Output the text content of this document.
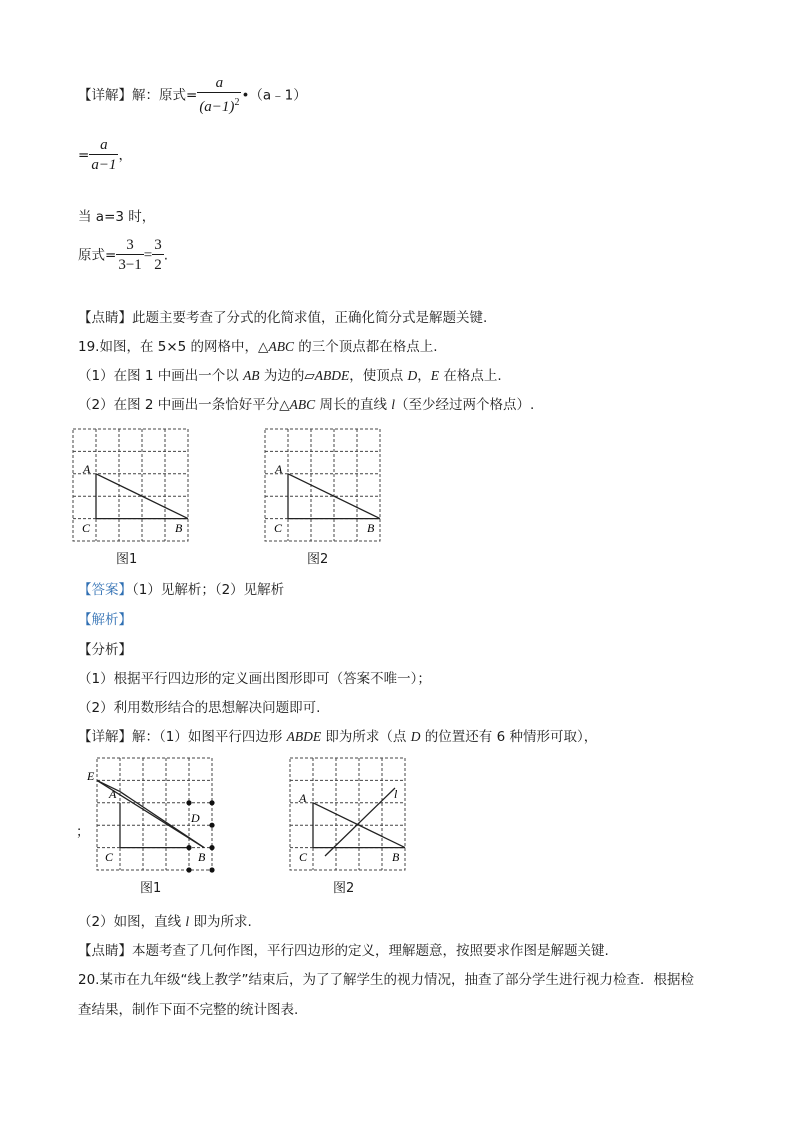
【详解】解：原式= $\frac{a}{(a-1)^2}$ •（a﹣1）
= $\frac{a}{a-1}$ ，
当 a=3 时，
原式= $\frac{3}{3-1} = \frac{3}{2}$ .
【点睛】此题主要考查了分式的化简求值，正确化简分式是解题关键.
19.如图，在 5×5 的网格中，△ABC 的三个顶点都在格点上.
（1）在图 1 中画出一个以 AB 为边的▱ABDE，使顶点 D，E 在格点上.
（2）在图 2 中画出一条恰好平分△ABC 周长的直线 l（至少经过两个格点）.
A
C	B
图1
A
C	B
图2
【答案】（1）见解析；（2）见解析
【解析】
【分析】
（1）根据平行四边形的定义画出图形即可（答案不唯一）；
（2）利用数形结合的思想解决问题即可.
【详解】解：（1）如图平行四边形 ABDE 即为所求（点 D 的位置还有 6 种情形可取），
；
E
A
D
C	B
图1
A
C	B
l
图2
（2）如图，直线 l 即为所求.
【点睛】本题考查了几何作图，平行四边形的定义，理解题意，按照要求作图是解题关键.
20.某市在九年级“线上教学”结束后，为了了解学生的视力情况，抽查了部分学生进行视力检查．根据检
查结果，制作下面不完整的统计图表.
